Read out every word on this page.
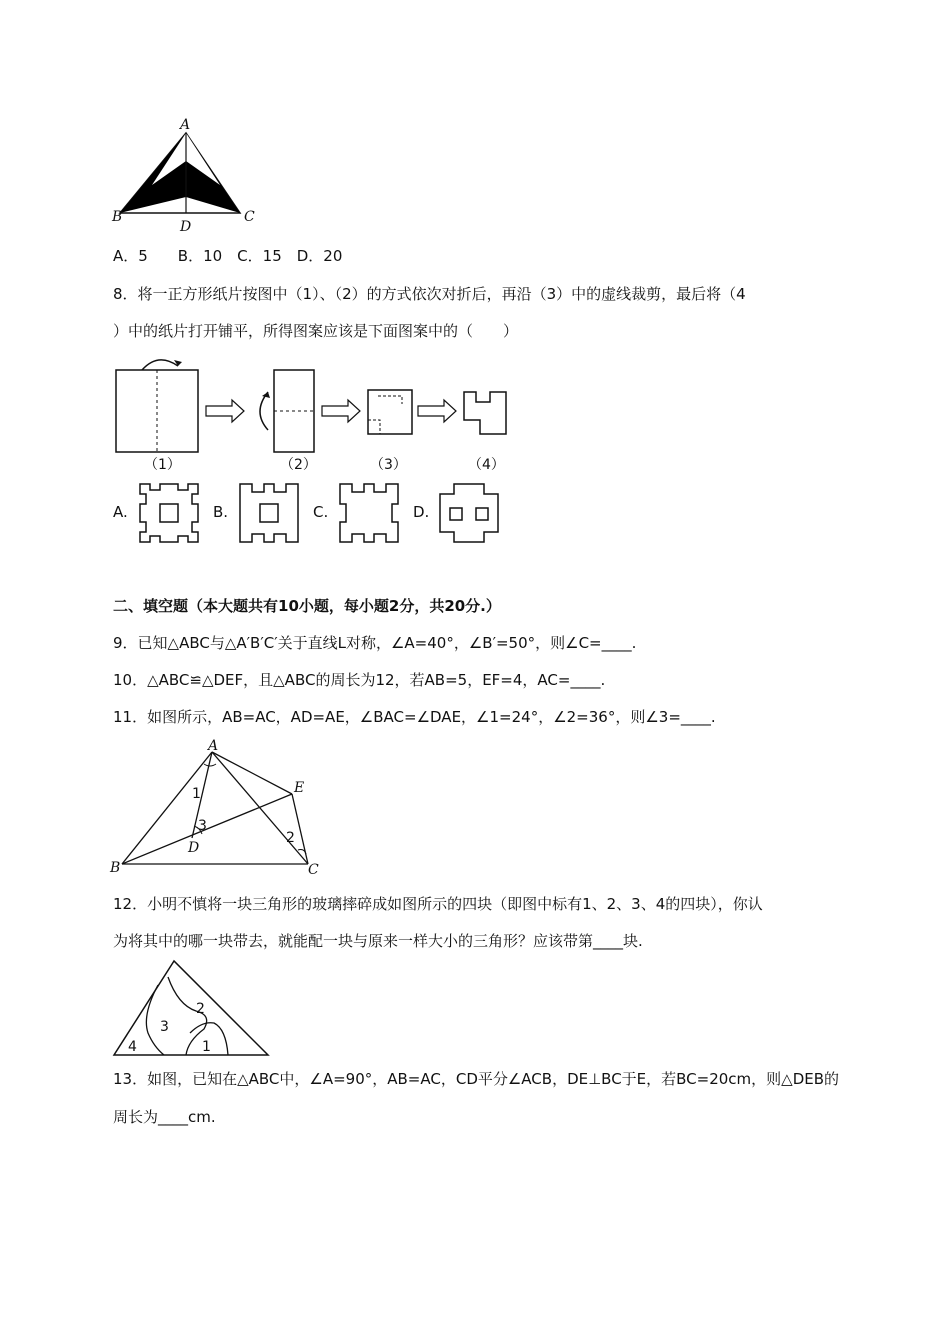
A
B	C
D
A．5　　B．10　C．15　D．20
8．将一正方形纸片按图中（1）、（2）的方式依次对折后，再沿（3）中的虚线裁剪，最后将（4
）中的纸片打开铺平，所得图案应该是下面图案中的（　　）
（1）	（2）	（3）	（4）
A.	B.	C.	D.
二、填空题（本大题共有10小题，每小题2分，共20分.）
9．已知△ABC与△A′B′C′关于直线L对称，∠A=40°，∠B′=50°，则∠C=____.
10．△ABC≌△DEF，且△ABC的周长为12，若AB=5，EF=4，AC=____.
11．如图所示，AB=AC，AD=AE，∠BAC=∠DAE，∠1=24°，∠2=36°，则∠3=____.
A
B	C
D
E
1
2
3
12．小明不慎将一块三角形的玻璃摔碎成如图所示的四块（即图中标有1、2、3、4的四块），你认
为将其中的哪一块带去，就能配一块与原来一样大小的三角形？应该带第____块.
4
3
2
1
13．如图，已知在△ABC中，∠A=90°，AB=AC，CD平分∠ACB，DE⊥BC于E，若BC=20cm，则△DEB的
周长为____cm.
